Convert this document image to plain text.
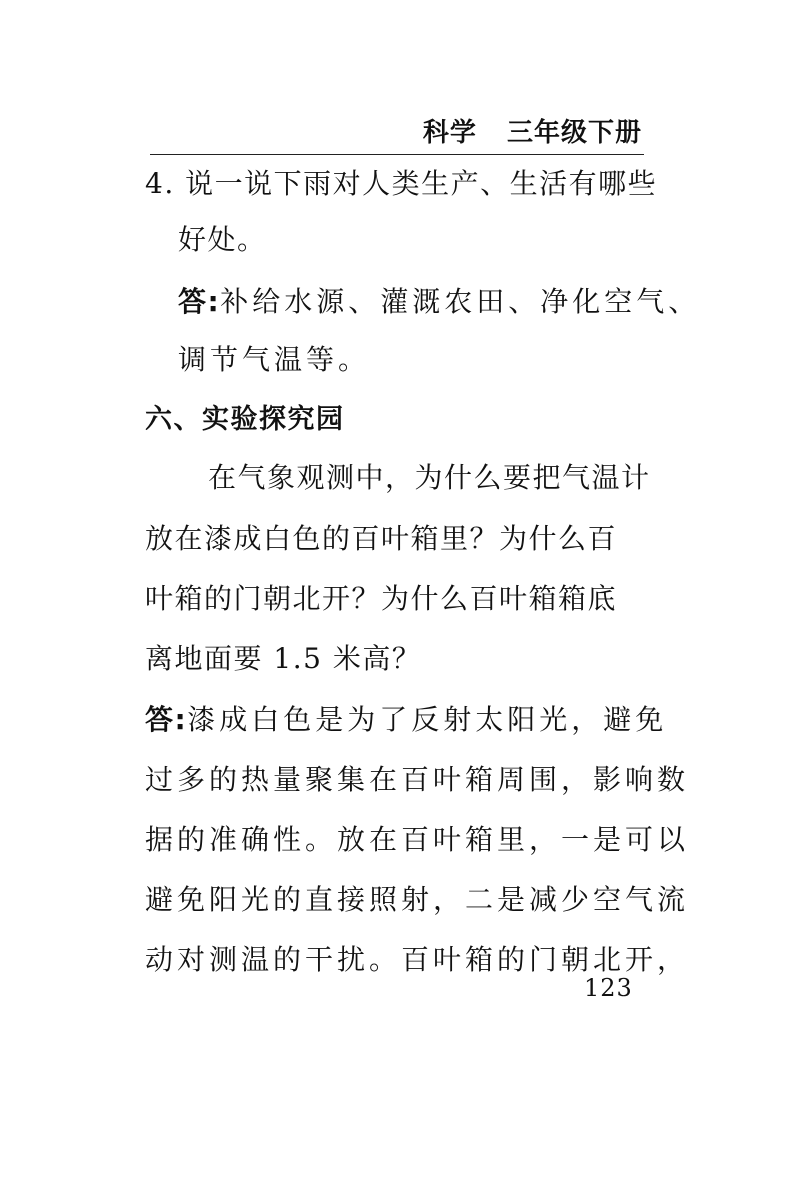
科学 三年级下册
4. 说一说下雨对人类生产、生活有哪些
好处。
答:补给水源、灌溉农田、净化空气、
调节气温等。
六、实验探究园
在气象观测中，为什么要把气温计
放在漆成白色的百叶箱里？为什么百
叶箱的门朝北开？为什么百叶箱箱底
离地面要 1.5 米高？
答:漆成白色是为了反射太阳光，避免
过多的热量聚集在百叶箱周围，影响数
据的准确性。放在百叶箱里，一是可以
避免阳光的直接照射，二是减少空气流
动对测温的干扰。百叶箱的门朝北开，
123
